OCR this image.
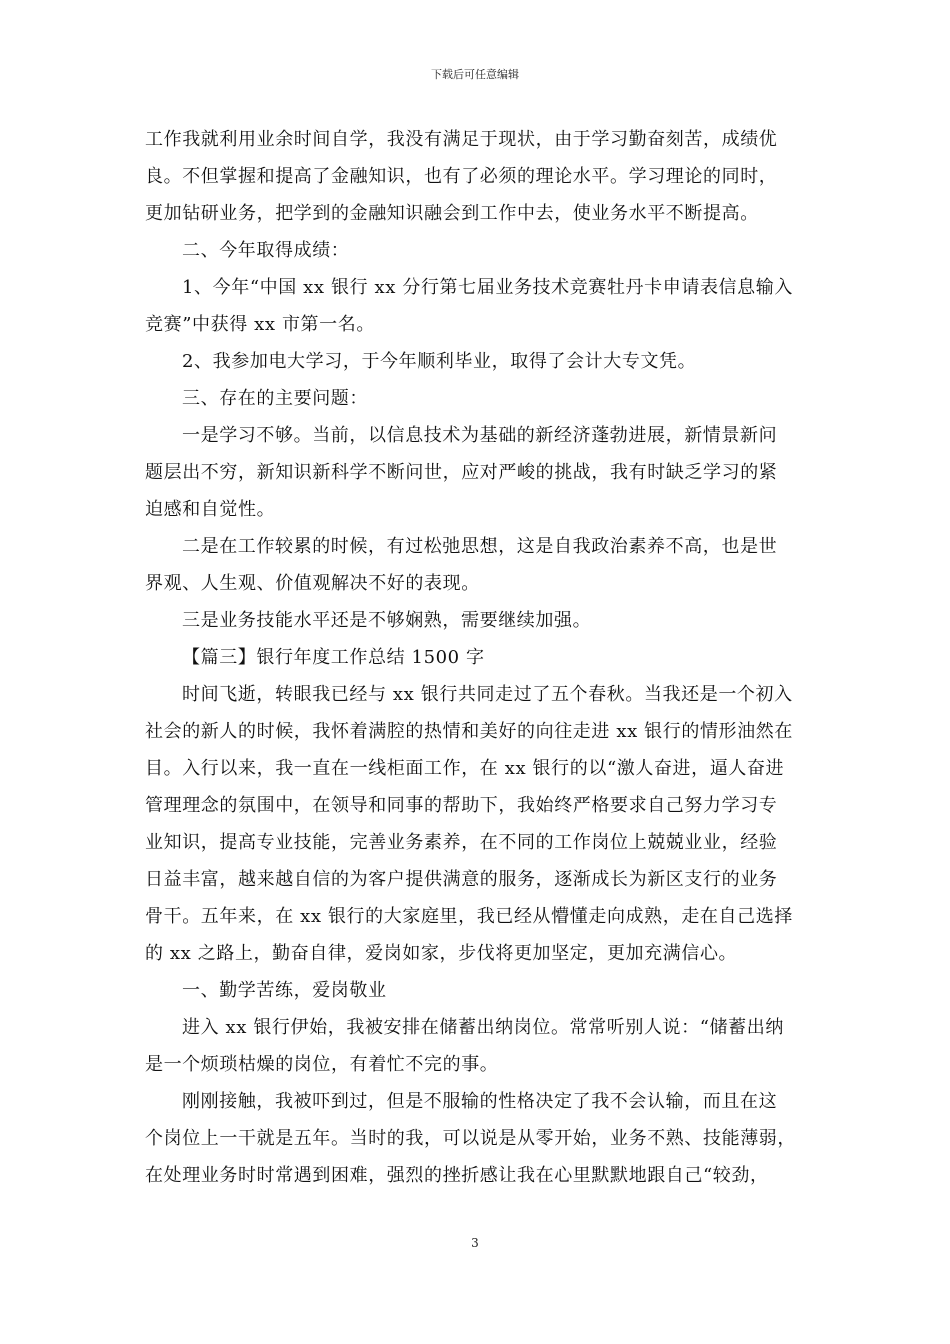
下载后可任意编辑
工作我就利用业余时间自学，我没有满足于现状，由于学习勤奋刻苦，成绩优
良。不但掌握和提高了金融知识，也有了必须的理论水平。学习理论的同时，
更加钻研业务，把学到的金融知识融会到工作中去，使业务水平不断提高。
二、今年取得成绩：
1、今年“中国 xx 银行 xx 分行第七届业务技术竞赛牡丹卡申请表信息输入
竞赛”中获得 xx 市第一名。
2、我参加电大学习，于今年顺利毕业，取得了会计大专文凭。
三、存在的主要问题：
一是学习不够。当前，以信息技术为基础的新经济蓬勃进展，新情景新问
题层出不穷，新知识新科学不断问世，应对严峻的挑战，我有时缺乏学习的紧
迫感和自觉性。
二是在工作较累的时候，有过松弛思想，这是自我政治素养不高，也是世
界观、人生观、价值观解决不好的表现。
三是业务技能水平还是不够娴熟，需要继续加强。
【篇三】银行年度工作总结 1500 字
时间飞逝，转眼我已经与 xx 银行共同走过了五个春秋。当我还是一个初入
社会的新人的时候，我怀着满腔的热情和美好的向往走进 xx 银行的情形油然在
目。入行以来，我一直在一线柜面工作，在 xx 银行的以“激人奋进，逼人奋进
管理理念的氛围中，在领导和同事的帮助下，我始终严格要求自己努力学习专
业知识，提高专业技能，完善业务素养，在不同的工作岗位上兢兢业业，经验
日益丰富，越来越自信的为客户提供满意的服务，逐渐成长为新区支行的业务
骨干。五年来，在 xx 银行的大家庭里，我已经从懵懂走向成熟，走在自己选择
的 xx 之路上，勤奋自律，爱岗如家，步伐将更加坚定，更加充满信心。
一、勤学苦练，爱岗敬业
进入 xx 银行伊始，我被安排在储蓄出纳岗位。常常听别人说：“储蓄出纳
是一个烦琐枯燥的岗位，有着忙不完的事。
刚刚接触，我被吓到过，但是不服输的性格决定了我不会认输，而且在这
个岗位上一干就是五年。当时的我，可以说是从零开始，业务不熟、技能薄弱，
在处理业务时时常遇到困难，强烈的挫折感让我在心里默默地跟自己“较劲，
3
